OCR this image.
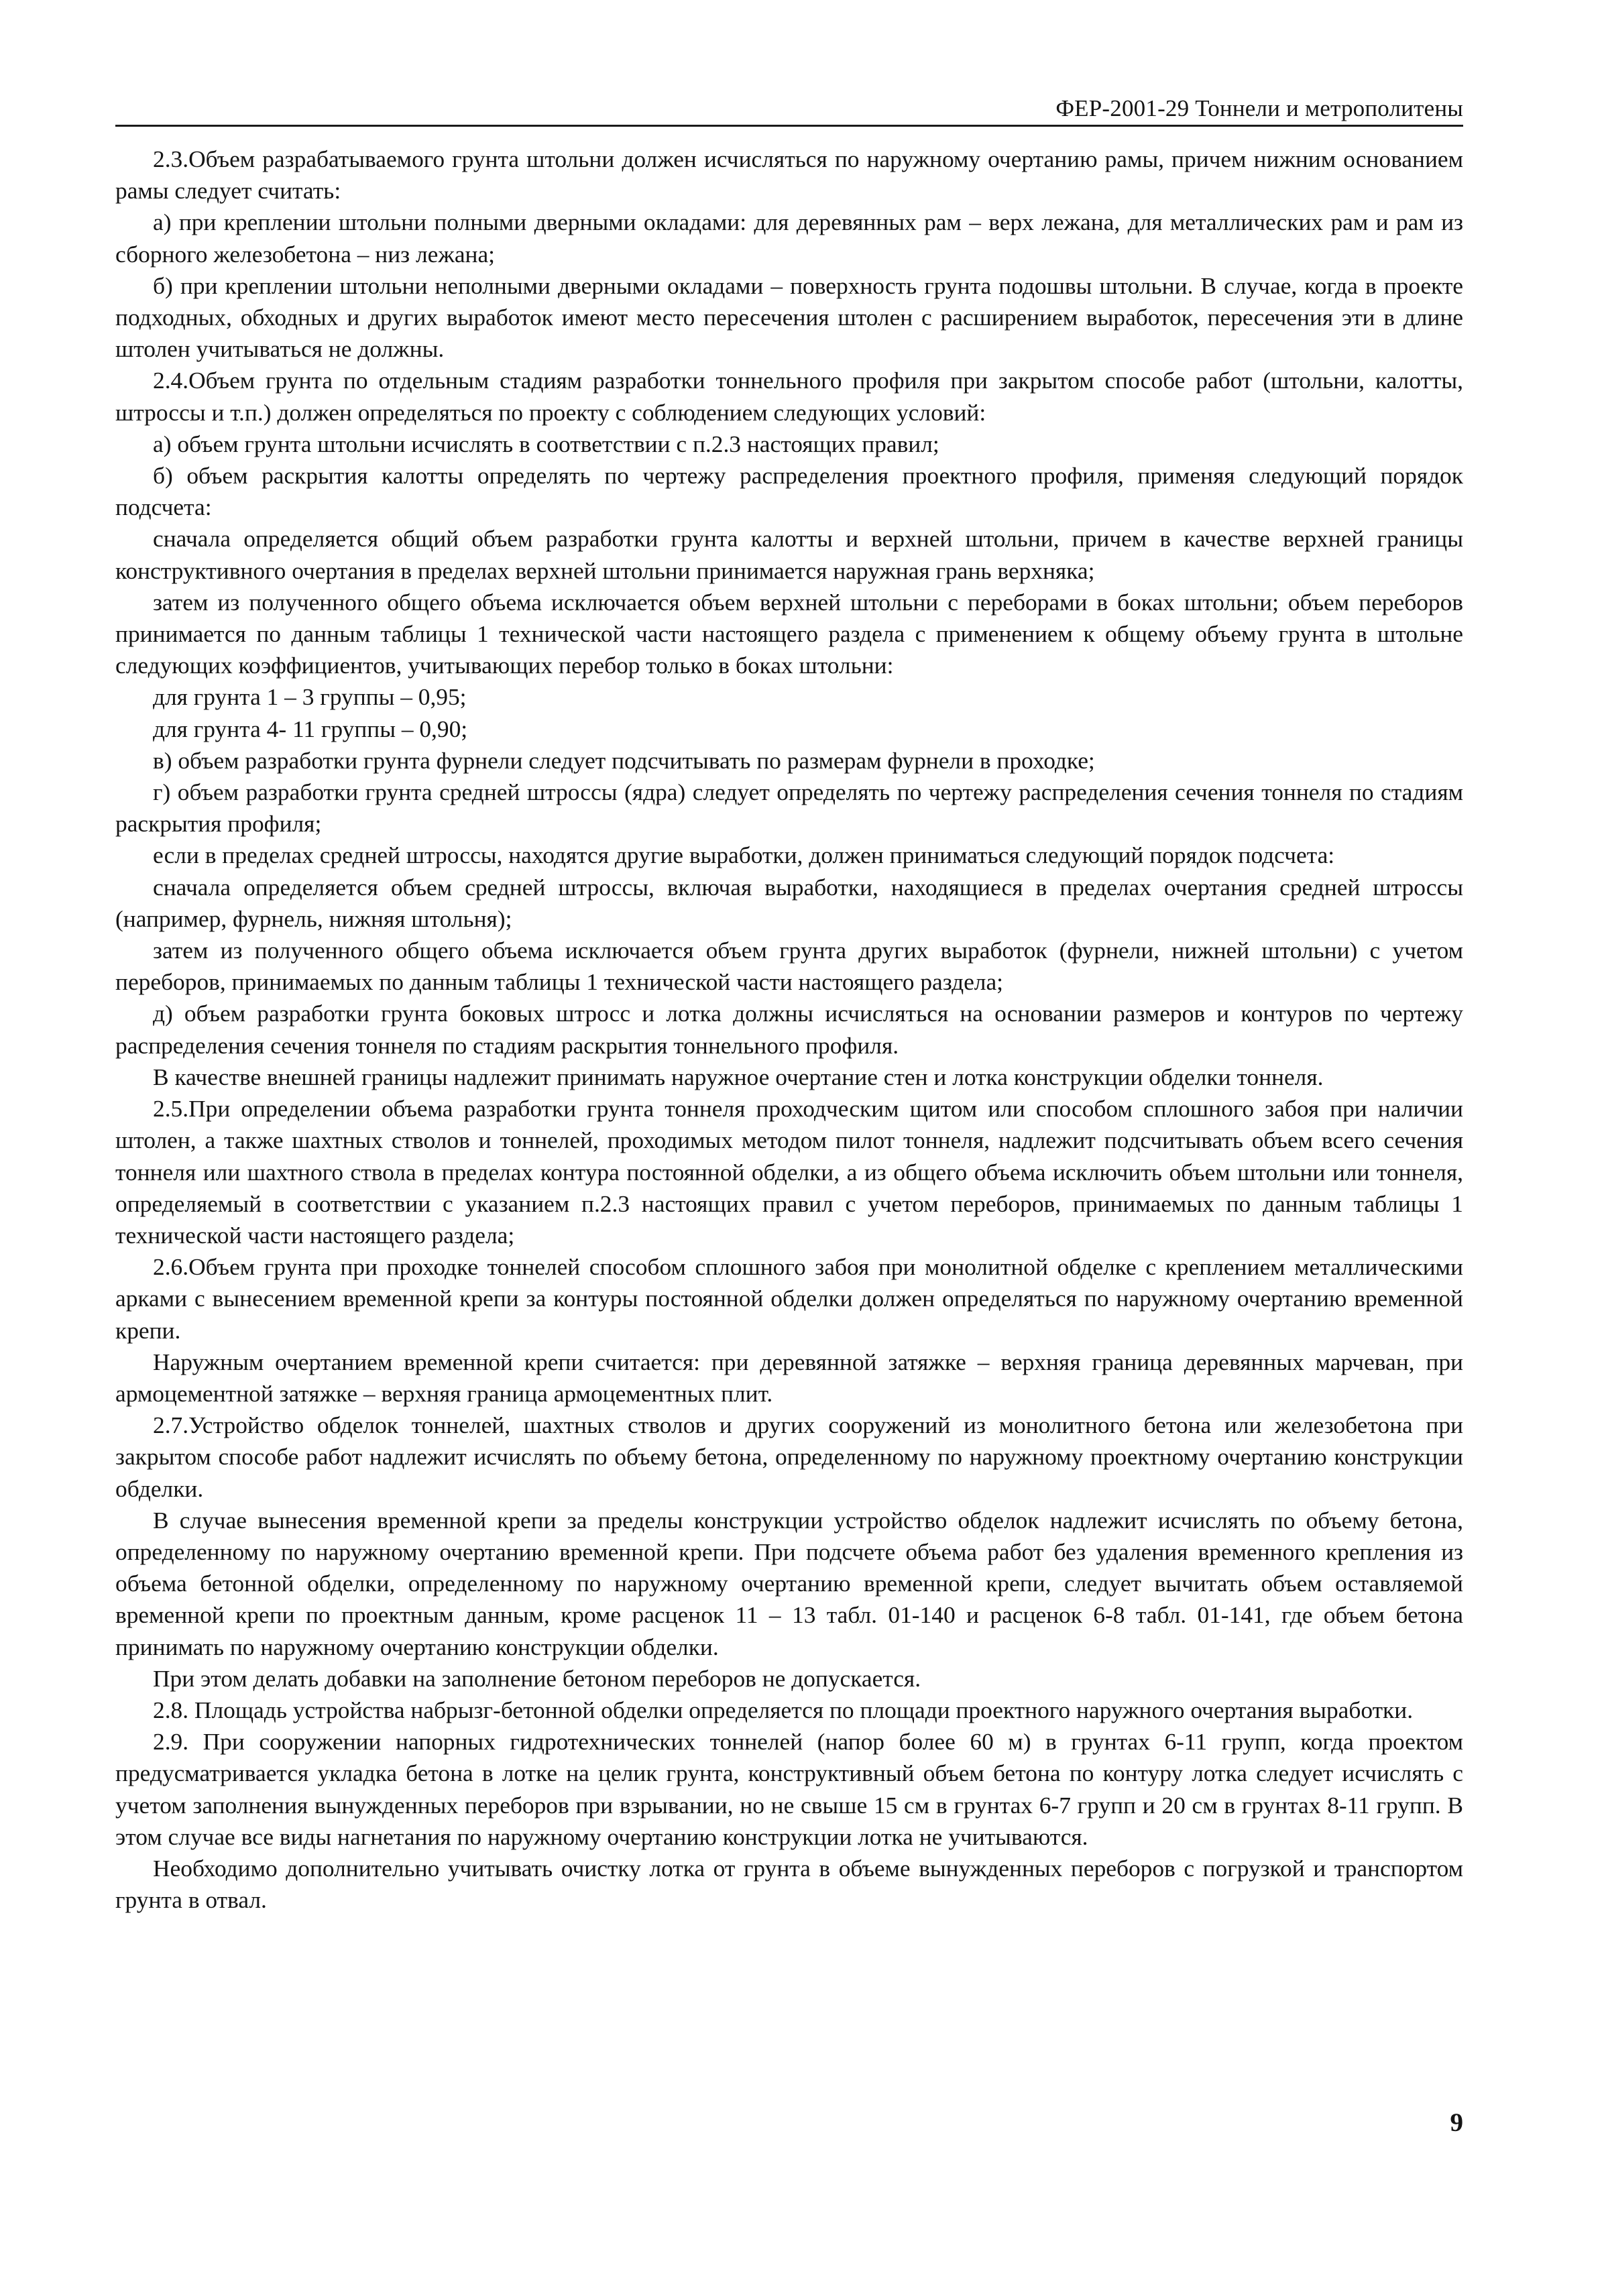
ФЕР-2001-29 Тоннели и метрополитены

2.3.Объем разрабатываемого грунта штольни должен исчисляться по наружному очертанию рамы, причем нижним основанием рамы следует считать:

а) при креплении штольни полными дверными окладами: для деревянных рам – верх лежана, для металлических рам и рам из сборного железобетона – низ лежана;

б) при креплении штольни неполными дверными окладами – поверхность грунта подошвы штольни. В случае, когда в проекте подходных, обходных и других выработок имеют место пересечения штолен с расширением выработок, пересечения эти в длине штолен учитываться не должны.

2.4.Объем грунта по отдельным стадиям разработки тоннельного профиля при закрытом способе работ (штольни, калотты, штроссы и т.п.) должен определяться по проекту с соблюдением следующих условий:

а) объем грунта штольни исчислять в соответствии с п.2.3 настоящих правил;

б) объем раскрытия калотты определять по чертежу распределения проектного профиля, применяя следующий порядок подсчета:

сначала определяется общий объем разработки грунта калотты и верхней штольни, причем в качестве верхней границы конструктивного очертания в пределах верхней штольни принимается наружная грань верхняка;

затем из полученного общего объема исключается объем верхней штольни с переборами в боках штольни; объем переборов принимается по данным таблицы 1 технической части настоящего раздела с применением к общему объему грунта в штольне следующих коэффициентов, учитывающих перебор только в боках штольни:

для грунта 1 – 3 группы – 0,95;

для грунта 4- 11 группы – 0,90;

в) объем разработки грунта фурнели следует подсчитывать по размерам фурнели в проходке;

г) объем разработки грунта средней штроссы (ядра) следует определять по чертежу распределения сечения тоннеля по стадиям раскрытия профиля;

если в пределах средней штроссы, находятся другие выработки, должен приниматься следующий порядок подсчета:

сначала определяется объем средней штроссы, включая выработки, находящиеся в пределах очертания средней штроссы (например, фурнель, нижняя штольня);

затем из полученного общего объема исключается объем грунта других выработок (фурнели, нижней штольни) с учетом переборов, принимаемых по данным таблицы 1 технической части настоящего раздела;

д) объем разработки грунта боковых штросс и лотка должны исчисляться на основании размеров и контуров по чертежу распределения сечения тоннеля по стадиям раскрытия тоннельного профиля.

В качестве внешней границы надлежит принимать наружное очертание стен и лотка конструкции обделки тоннеля.

2.5.При определении объема разработки грунта тоннеля проходческим щитом или способом сплошного забоя при наличии штолен, а также шахтных стволов и тоннелей, проходимых методом пилот тоннеля, надлежит подсчитывать объем всего сечения тоннеля или шахтного ствола в пределах контура постоянной обделки, а из общего объема исключить объем штольни или тоннеля, определяемый в соответствии с указанием п.2.3 настоящих правил с учетом переборов, принимаемых по данным таблицы 1 технической части настоящего раздела;

2.6.Объем грунта при проходке тоннелей способом сплошного забоя при монолитной обделке с креплением металлическими арками с вынесением временной крепи за контуры постоянной обделки должен определяться по наружному очертанию временной крепи.

Наружным очертанием временной крепи считается: при деревянной затяжке – верхняя граница деревянных марчеван, при армоцементной затяжке – верхняя граница армоцементных плит.

2.7.Устройство обделок тоннелей, шахтных стволов и других сооружений из монолитного бетона или железобетона при закрытом способе работ надлежит исчислять по объему бетона, определенному по наружному проектному очертанию конструкции обделки.

В случае вынесения временной крепи за пределы конструкции устройство обделок надлежит исчислять по объему бетона, определенному по наружному очертанию временной крепи. При подсчете объема работ без удаления временного крепления из объема бетонной обделки, определенному по наружному очертанию временной крепи, следует вычитать объем оставляемой временной крепи по проектным данным, кроме расценок 11 – 13 табл. 01-140 и расценок 6-8 табл. 01-141, где объем бетона принимать по наружному очертанию конструкции обделки.

При этом делать добавки на заполнение бетоном переборов не допускается.

2.8. Площадь устройства набрызг-бетонной обделки определяется по площади проектного наружного очертания выработки.

2.9. При сооружении напорных гидротехнических тоннелей (напор более 60 м) в грунтах 6-11 групп, когда проектом предусматривается укладка бетона в лотке на целик грунта, конструктивный объем бетона по контуру лотка следует исчислять с учетом заполнения вынужденных переборов при взрывании, но не свыше 15 см в грунтах 6-7 групп и 20 см в грунтах 8-11 групп. В этом случае все виды нагнетания по наружному очертанию конструкции лотка не учитываются.

Необходимо дополнительно учитывать очистку лотка от грунта в объеме вынужденных переборов с погрузкой и транспортом грунта в отвал.

9
